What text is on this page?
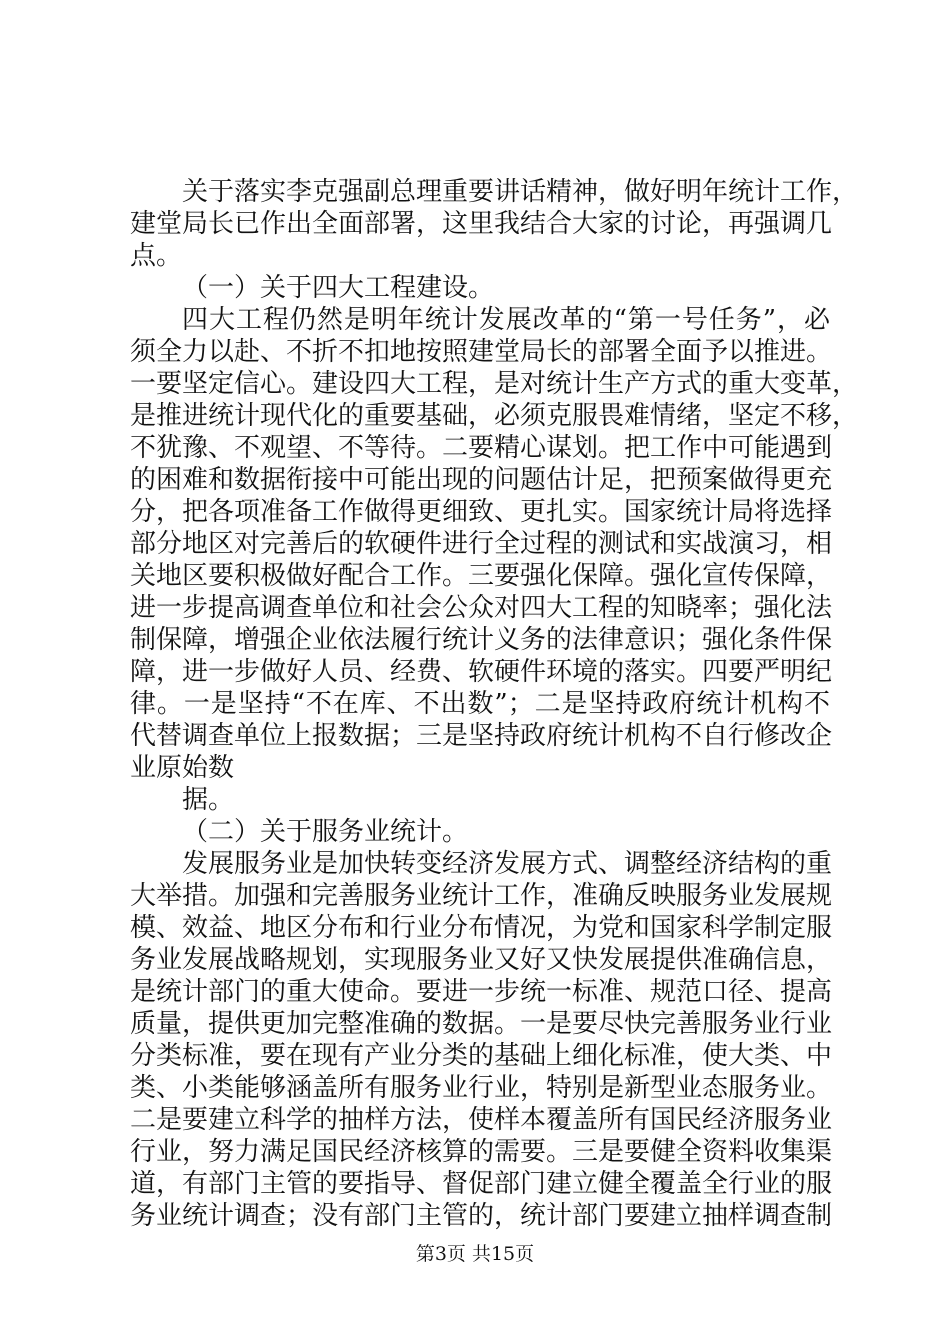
关于落实李克强副总理重要讲话精神，做好明年统计工作，
建堂局长已作出全面部署，这里我结合大家的讨论，再强调几
点。
（一）关于四大工程建设。
四大工程仍然是明年统计发展改革的“第一号任务”，必
须全力以赴、不折不扣地按照建堂局长的部署全面予以推进。
一要坚定信心。建设四大工程，是对统计生产方式的重大变革，
是推进统计现代化的重要基础，必须克服畏难情绪，坚定不移，
不犹豫、不观望、不等待。二要精心谋划。把工作中可能遇到
的困难和数据衔接中可能出现的问题估计足，把预案做得更充
分，把各项准备工作做得更细致、更扎实。国家统计局将选择
部分地区对完善后的软硬件进行全过程的测试和实战演习，相
关地区要积极做好配合工作。三要强化保障。强化宣传保障，
进一步提高调查单位和社会公众对四大工程的知晓率；强化法
制保障，增强企业依法履行统计义务的法律意识；强化条件保
障，进一步做好人员、经费、软硬件环境的落实。四要严明纪
律。一是坚持“不在库、不出数”；二是坚持政府统计机构不
代替调查单位上报数据；三是坚持政府统计机构不自行修改企
业原始数
据。
（二）关于服务业统计。
发展服务业是加快转变经济发展方式、调整经济结构的重
大举措。加强和完善服务业统计工作，准确反映服务业发展规
模、效益、地区分布和行业分布情况，为党和国家科学制定服
务业发展战略规划，实现服务业又好又快发展提供准确信息，
是统计部门的重大使命。要进一步统一标准、规范口径、提高
质量，提供更加完整准确的数据。一是要尽快完善服务业行业
分类标准，要在现有产业分类的基础上细化标准，使大类、中
类、小类能够涵盖所有服务业行业，特别是新型业态服务业。
二是要建立科学的抽样方法，使样本覆盖所有国民经济服务业
行业，努力满足国民经济核算的需要。三是要健全资料收集渠
道，有部门主管的要指导、督促部门建立健全覆盖全行业的服
务业统计调查；没有部门主管的，统计部门要建立抽样调查制
第3页 共15页
